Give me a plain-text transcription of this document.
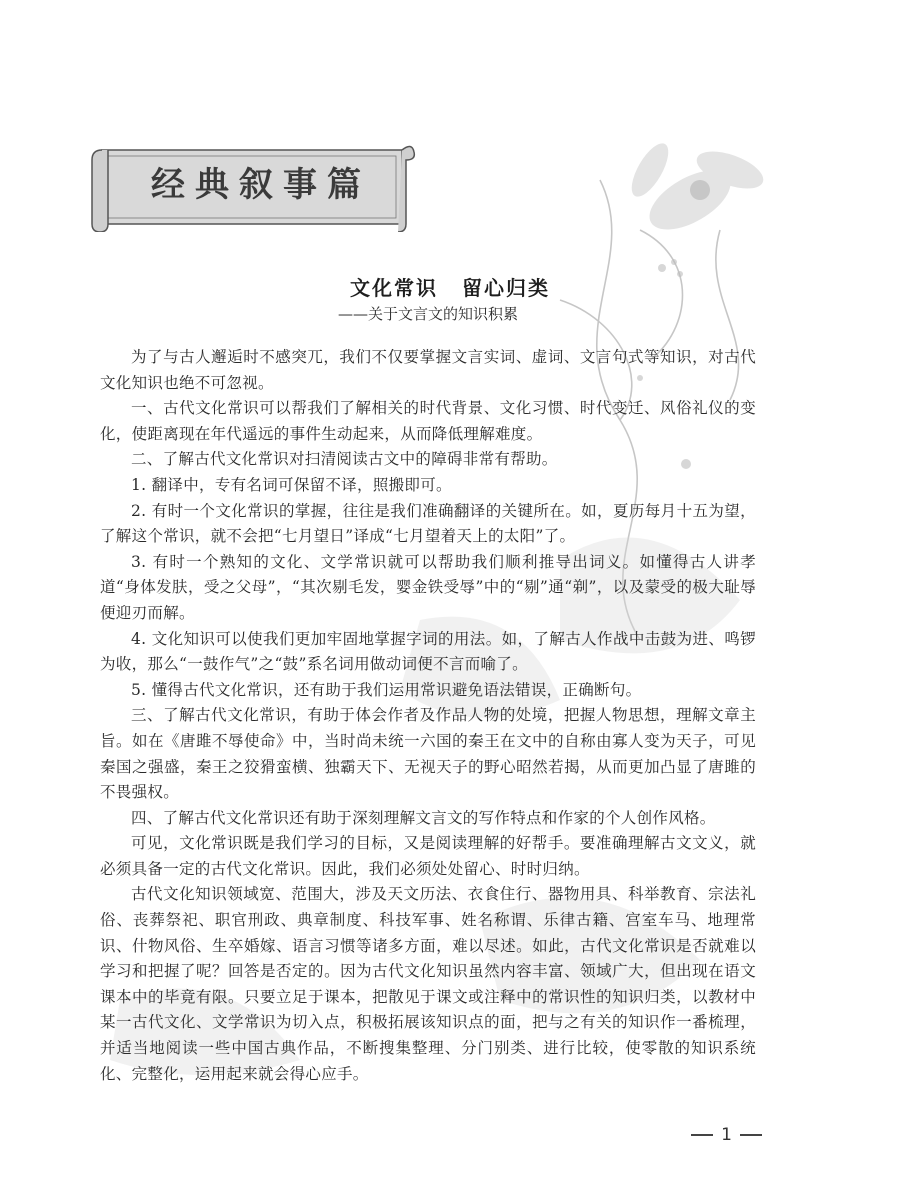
经典叙事篇
文化常识 留心归类
——关于文言文的知识积累

为了与古人邂逅时不感突兀，我们不仅要掌握文言实词、虚词、文言句式等知识，对古代文化知识也绝不可忽视。

一、古代文化常识可以帮我们了解相关的时代背景、文化习惯、时代变迁、风俗礼仪的变化，使距离现在年代遥远的事件生动起来，从而降低理解难度。

二、了解古代文化常识对扫清阅读古文中的障碍非常有帮助。

1. 翻译中，专有名词可保留不译，照搬即可。

2. 有时一个文化常识的掌握，往往是我们准确翻译的关键所在。如，夏历每月十五为望，了解这个常识，就不会把“七月望日”译成“七月望着天上的太阳”了。

3. 有时一个熟知的文化、文学常识就可以帮助我们顺利推导出词义。如懂得古人讲孝道“身体发肤，受之父母”，“其次剔毛发，婴金铁受辱”中的“剔”通“剃”，以及蒙受的极大耻辱便迎刃而解。

4. 文化知识可以使我们更加牢固地掌握字词的用法。如，了解古人作战中击鼓为进、鸣锣为收，那么“一鼓作气”之“鼓”系名词用做动词便不言而喻了。

5. 懂得古代文化常识，还有助于我们运用常识避免语法错误，正确断句。

三、了解古代文化常识，有助于体会作者及作品人物的处境，把握人物思想，理解文章主旨。如在《唐雎不辱使命》中，当时尚未统一六国的秦王在文中的自称由寡人变为天子，可见秦国之强盛，秦王之狡猾蛮横、独霸天下、无视天子的野心昭然若揭，从而更加凸显了唐雎的不畏强权。

四、了解古代文化常识还有助于深刻理解文言文的写作特点和作家的个人创作风格。

可见，文化常识既是我们学习的目标，又是阅读理解的好帮手。要准确理解古文文义，就必须具备一定的古代文化常识。因此，我们必须处处留心、时时归纳。

古代文化知识领域宽、范围大，涉及天文历法、衣食住行、器物用具、科举教育、宗法礼俗、丧葬祭祀、职官刑政、典章制度、科技军事、姓名称谓、乐律古籍、宫室车马、地理常识、什物风俗、生卒婚嫁、语言习惯等诸多方面，难以尽述。如此，古代文化常识是否就难以学习和把握了呢？回答是否定的。因为古代文化知识虽然内容丰富、领域广大，但出现在语文课本中的毕竟有限。只要立足于课本，把散见于课文或注释中的常识性的知识归类，以教材中某一古代文化、文学常识为切入点，积极拓展该知识点的面，把与之有关的知识作一番梳理，并适当地阅读一些中国古典作品，不断搜集整理、分门别类、进行比较，使零散的知识系统化、完整化，运用起来就会得心应手。

1
